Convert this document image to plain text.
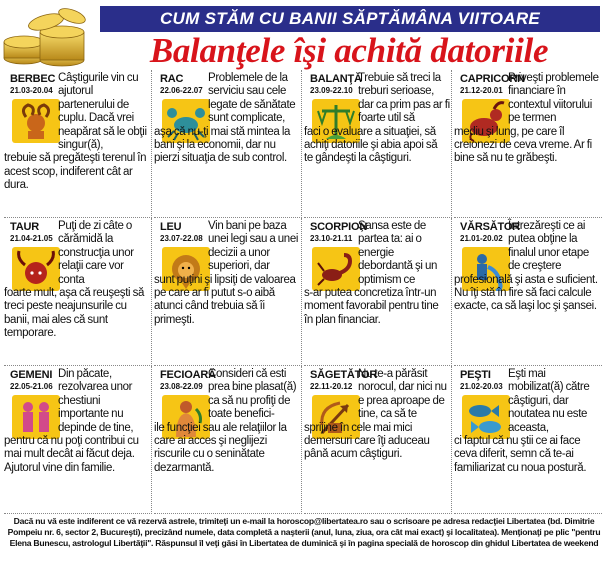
CUM STĂM CU BANII SĂPTĂMÂNA VIITOARE
Balanţele îşi achită datoriile
BERBEC
21.03-20.04
Câştigurile vin cu ajutorul partenerului de cuplu. Dacă vrei neapărat să le obţii singur(ă),
trebuie să pregăteşti terenul în acest scop, indiferent cât ar dura.
RAC
22.06-22.07
Problemele de la serviciu sau cele legate de sănătate sunt complicate,
aşa că nu-ţi mai stă mintea la bani şi la economii, dar nu pierzi situaţia de sub control.
BALANŢĂ
23.09-22.10
Trebuie să treci la treburi serioase, dar ca prim pas ar fi foarte util să
faci o evaluare a situaţiei, să achiţi datoriile şi abia apoi să te gândeşti la câştiguri.
CAPRICORN
21.12-20.01
Priveşti problemele financiare în contextul viitorului pe termen
mediu şi lung, pe care îl creionezi de ceva vreme. Ar fi bine să nu te grăbeşti.
TAUR
21.04-21.05
Puţi de zi câte o cărămidă la construcţia unor relaţii care vor conta
foarte mult, aşa că reuşeşti să treci peste neajunsurile cu banii, mai ales că sunt temporare.
LEU
23.07-22.08
Vin bani pe baza unei legi sau a unei decizii a unor superiori, dar
sunt puţini şi lipsiţi de valoarea pe care ar fi putut s-o aibă atunci când trebuia să îi primeşti.
SCORPION
23.10-21.11
Şansa este de partea ta: ai o energie debordantă şi un optimism ce
s-ar putea concretiza într-un moment favorabil pentru tine în plan financiar.
VĂRSĂTOR
21.01-20.02
Întrezăreşti ce ai putea obţine la finalul unor etape de creştere
profesională şi asta e suficient. Nu îţi stă în fire să faci calcule exacte, ca să laşi loc şi şansei.
GEMENI
22.05-21.06
Din păcate, rezolvarea unor chestiuni importante nu depinde de tine,
pentru că nu poţi contribui cu mai mult decât ai făcut deja. Ajutorul vine din familie.
FECIOARĂ
23.08-22.09
Consideri că esti prea bine plasat(ă) ca să nu profiţi de toate benefici-
ile funcţiei sau ale relaţiilor la care ai acces şi neglijezi riscurile cu o seninătate dezarmantă.
SĂGETĂTOR
22.11-20.12
Nu te-a părăsit norocul, dar nici nu e prea aproape de tine, ca să te
sprijine în cele mai mici demersuri care îţi aduceau până acum câştiguri.
PEŞTI
21.02-20.03
Eşti mai mobilizat(ă) către câştiguri, dar noutatea nu este aceasta,
ci faptul că nu ştii ce ai face ceva diferit, semn că te-ai familiarizat cu noua postură.
Dacă nu vă este indiferent ce vă rezervă astrele, trimiteţi un e-mail la horoscop@libertatea.ro sau o scrisoare pe adresa redacţiei Libertatea (bd. Dimitrie Pompeiu nr. 6, sector 2, Bucureşti), precizând numele, data completă a naşterii (anul, luna, ziua, ora cât mai exact) şi localitatea). Menţionaţi pe plic "pentru Elena Bunescu, astrologul Libertăţii". Răspunsul îl veţi găsi în Libertatea de duminică şi în pagina specială de horoscop din ghidul Libertatea de weekend
